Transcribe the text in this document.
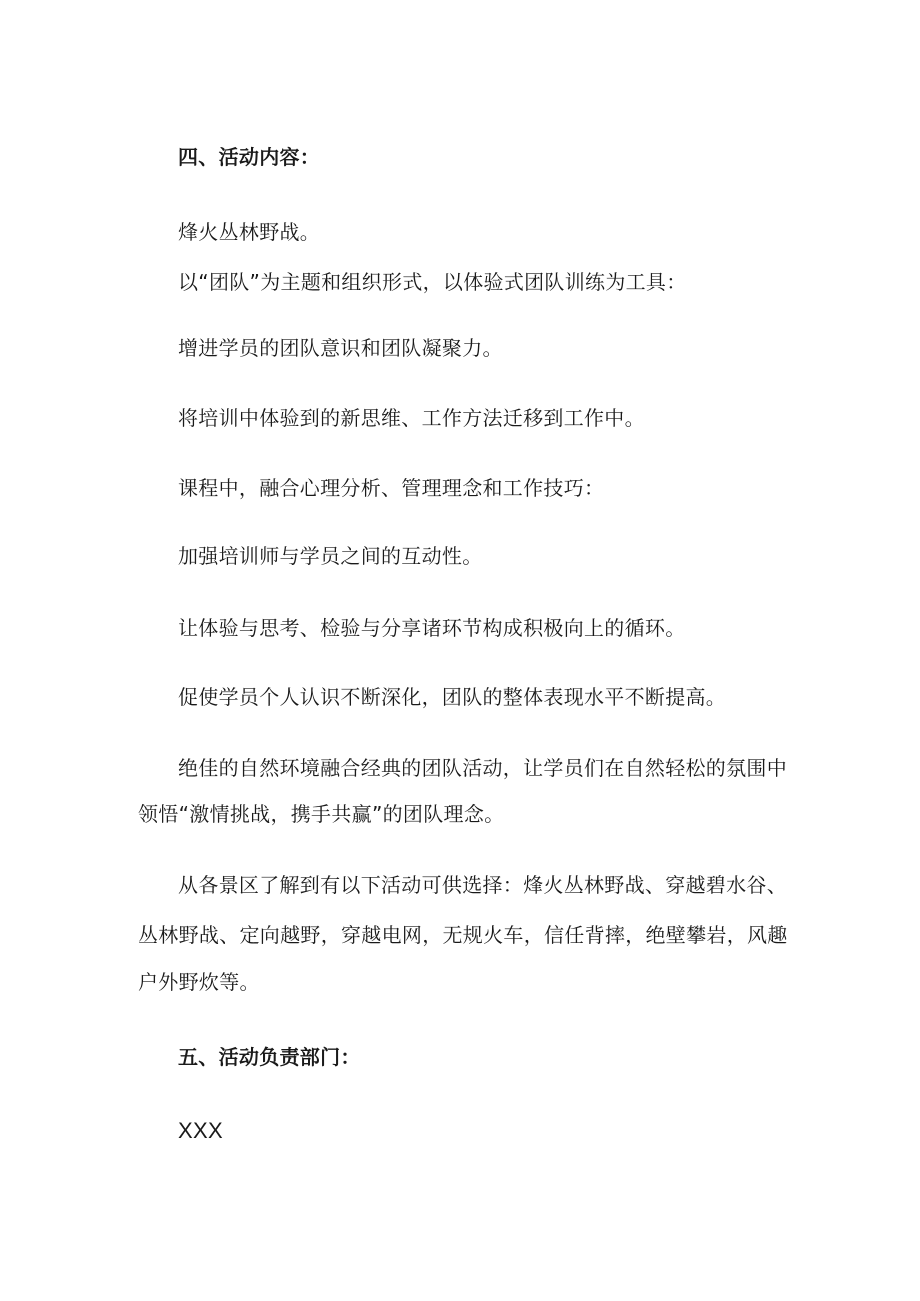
四、活动内容：
烽火丛林野战。
以“团队”为主题和组织形式，以体验式团队训练为工具：
增进学员的团队意识和团队凝聚力。
将培训中体验到的新思维、工作方法迁移到工作中。
课程中，融合心理分析、管理理念和工作技巧：
加强培训师与学员之间的互动性。
让体验与思考、检验与分享诸环节构成积极向上的循环。
促使学员个人认识不断深化，团队的整体表现水平不断提高。
绝佳的自然环境融合经典的团队活动，让学员们在自然轻松的氛围中
领悟“激情挑战，携手共赢”的团队理念。
从各景区了解到有以下活动可供选择：烽火丛林野战、穿越碧水谷、
丛林野战、定向越野，穿越电网，无规火车，信任背摔，绝壁攀岩，风趣
户外野炊等。
五、活动负责部门：
XXX
